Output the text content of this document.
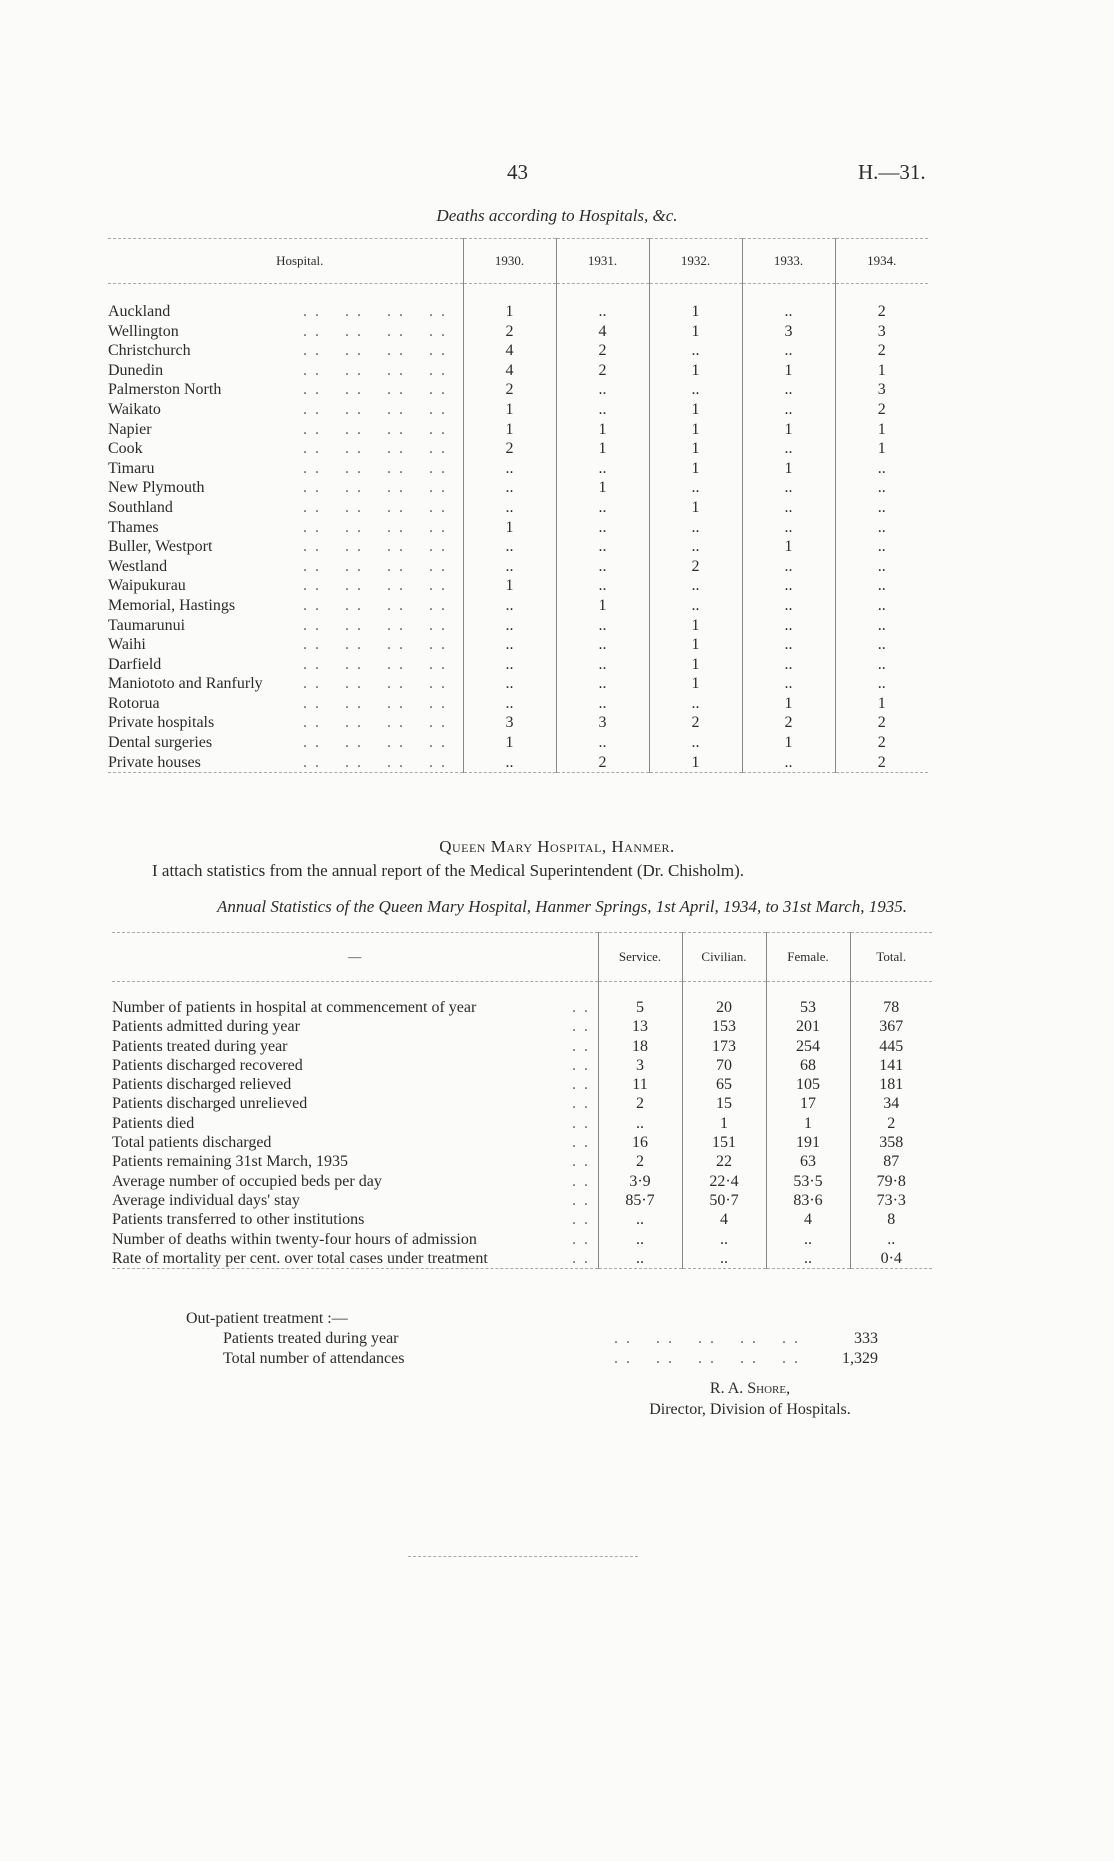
43	H.—31.
Deaths according to Hospitals, &c.
Hospital.	1930.	1931.	1932.	1933.	1934.

Auckland . .    . .    . .    . .	1	..	1	..	2

Wellington . .    . .    . .    . .	2	4	1	3	3

Christchurch . .    . .    . .    . .	4	2	..	..	2

Dunedin . .    . .    . .    . .	4	2	1	1	1

Palmerston North . .    . .    . .    . .	2	..	..	..	3

Waikato . .    . .    . .    . .	1	..	1	..	2

Napier . .    . .    . .    . .	1	1	1	1	1

Cook . .    . .    . .    . .	2	1	1	..	1

Timaru . .    . .    . .    . .	..	..	1	1	..

New Plymouth . .    . .    . .    . .	..	1	..	..	..

Southland . .    . .    . .    . .	..	..	1	..	..

Thames . .    . .    . .    . .	1	..	..	..	..

Buller, Westport . .    . .    . .    . .	..	..	..	1	..

Westland . .    . .    . .    . .	..	..	2	..	..

Waipukurau . .    . .    . .    . .	1	..	..	..	..

Memorial, Hastings . .    . .    . .    . .	..	1	..	..	..

Taumarunui . .    . .    . .    . .	..	..	1	..	..

Waihi . .    . .    . .    . .	..	..	1	..	..

Darfield . .    . .    . .    . .	..	..	1	..	..

Maniototo and Ranfurly . .    . .    . .    . .	..	..	1	..	..

Rotorua . .    . .    . .    . .	..	..	..	1	1

Private hospitals . .    . .    . .    . .	3	3	2	2	2

Dental surgeries . .    . .    . .    . .	1	..	..	1	2

Private houses . .    . .    . .    . .	..	2	1	..	2

Queen Mary Hospital, Hanmer.
I attach statistics from the annual report of the Medical Superintendent (Dr. Chisholm).
Annual Statistics of the Queen Mary Hospital, Hanmer Springs, 1st April, 1934, to 31st March, 1935.
—	Service.	Civilian.	Female.	Total.

Number of patients in hospital at commencement of year . .	5	20	53	78

Patients admitted during year . .	13	153	201	367

Patients treated during year . .	18	173	254	445

Patients discharged recovered . .	3	70	68	141

Patients discharged relieved . .	11	65	105	181

Patients discharged unrelieved . .	2	15	17	34

Patients died . .	..	1	1	2

Total patients discharged . .	16	151	191	358

Patients remaining 31st March, 1935 . .	2	22	63	87

Average number of occupied beds per day . .	3·9	22·4	53·5	79·8

Average individual days' stay . .	85·7	50·7	83·6	73·3

Patients transferred to other institutions . .	..	4	4	8

Number of deaths within twenty-four hours of admission . .	..	..	..	..

Rate of mortality per cent. over total cases under treatment . .	..	..	..	0·4

Out-patient treatment :—
Patients treated during year	. .    . .    . .    . .    . .   333
Total number of attendances	. .    . .    . .    . .    . .   1,329
R. A. Shore,
Director, Division of Hospitals.
